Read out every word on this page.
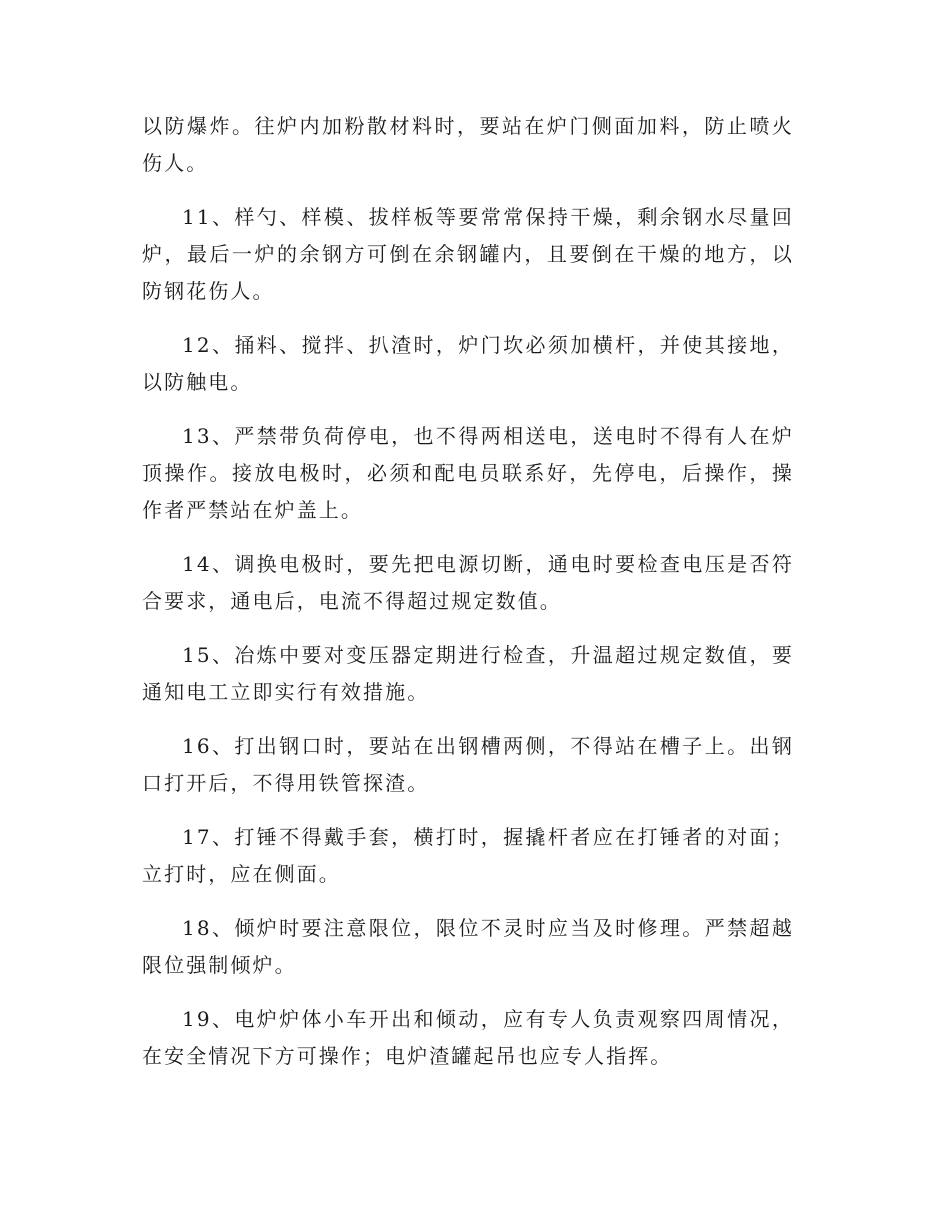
以防爆炸。往炉内加粉散材料时，要站在炉门侧面加料，防止喷火伤人。

11、样勺、样模、拔样板等要常常保持干燥，剩余钢水尽量回炉，最后一炉的余钢方可倒在余钢罐内，且要倒在干燥的地方，以防钢花伤人。

12、捅料、搅拌、扒渣时，炉门坎必须加横杆，并使其接地，以防触电。

13、严禁带负荷停电，也不得两相送电，送电时不得有人在炉顶操作。接放电极时，必须和配电员联系好，先停电，后操作，操作者严禁站在炉盖上。

14、调换电极时，要先把电源切断，通电时要检查电压是否符合要求，通电后，电流不得超过规定数值。

15、冶炼中要对变压器定期进行检查，升温超过规定数值，要通知电工立即实行有效措施。

16、打出钢口时，要站在出钢槽两侧，不得站在槽子上。出钢口打开后，不得用铁管探渣。

17、打锤不得戴手套，横打时，握撬杆者应在打锤者的对面；立打时，应在侧面。

18、倾炉时要注意限位，限位不灵时应当及时修理。严禁超越限位强制倾炉。

19、电炉炉体小车开出和倾动，应有专人负责观察四周情况，在安全情况下方可操作；电炉渣罐起吊也应专人指挥。
